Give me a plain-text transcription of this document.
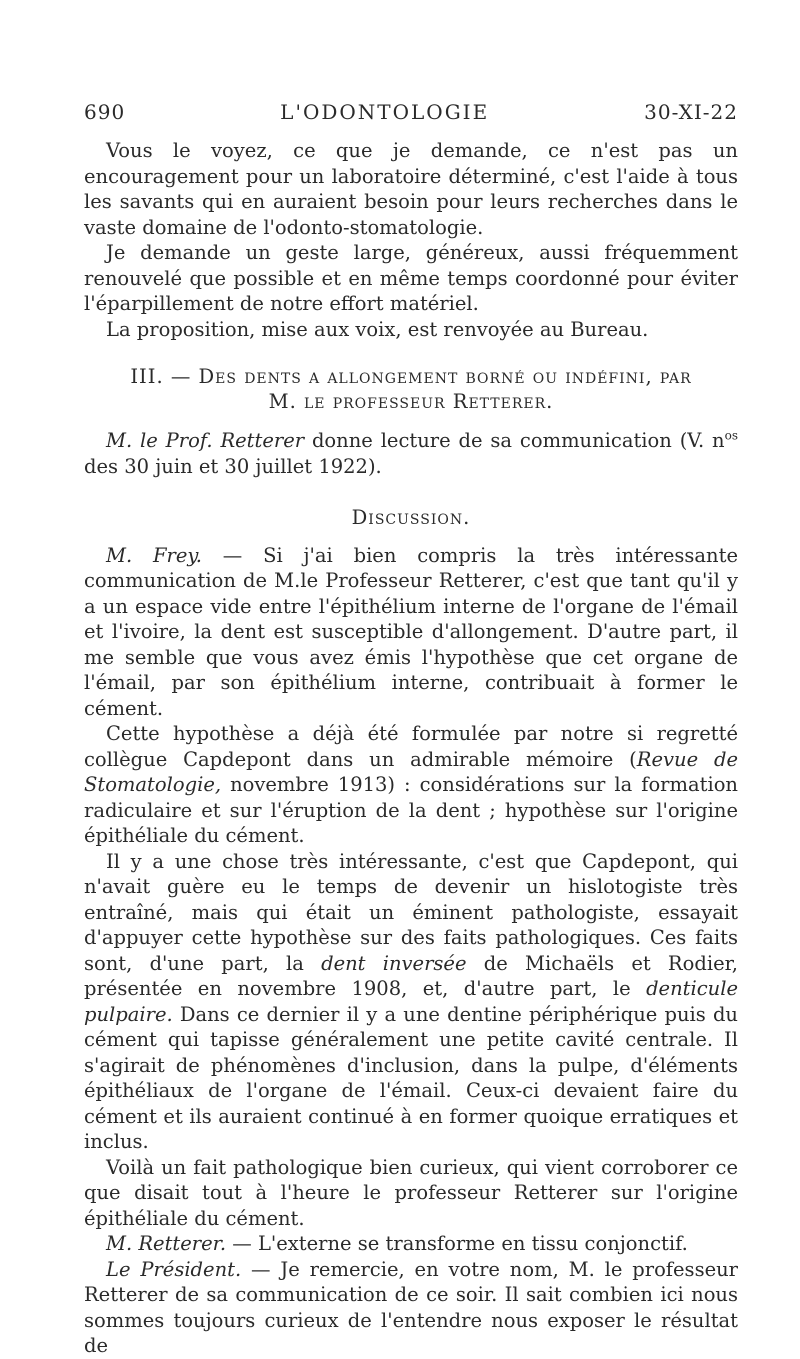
690	L'ODONTOLOGIE	30-XI-22

Vous le voyez, ce que je demande, ce n'est pas un encouragement pour un laboratoire déterminé, c'est l'aide à tous les savants qui en auraient besoin pour leurs recherches dans le vaste domaine de l'odonto-stomatologie.

Je demande un geste large, généreux, aussi fréquemment renouvelé que possible et en même temps coordonné pour éviter l'éparpillement de notre effort matériel.

La proposition, mise aux voix, est renvoyée au Bureau.

III. — Des dents a allongement borné ou indéfini, par
M. le professeur Retterer.

M. le Prof. Retterer donne lecture de sa communication (V. $n^{os}$ des 30 juin et 30 juillet 1922).

Discussion.

M. Frey. — Si j'ai bien compris la très intéressante communication de M.le Professeur Retterer, c'est que tant qu'il y a un espace vide entre l'épithélium interne de l'organe de l'émail et l'ivoire, la dent est susceptible d'allongement. D'autre part, il me semble que vous avez émis l'hypothèse que cet organe de l'émail, par son épithélium interne, contribuait à former le cément.

Cette hypothèse a déjà été formulée par notre si regretté collègue Capdepont dans un admirable mémoire (Revue de Stomatologie, novembre 1913) : considérations sur la formation radiculaire et sur l'éruption de la dent ; hypothèse sur l'origine épithéliale du cément.

Il y a une chose très intéressante, c'est que Capdepont, qui n'avait guère eu le temps de devenir un hislotogiste très entraîné, mais qui était un éminent pathologiste, essayait d'appuyer cette hypothèse sur des faits pathologiques. Ces faits sont, d'une part, la dent inversée de Michaëls et Rodier, présentée en novembre 1908, et, d'autre part, le denticule pulpaire. Dans ce dernier il y a une dentine périphérique puis du cément qui tapisse généralement une petite cavité centrale. Il s'agirait de phénomènes d'inclusion, dans la pulpe, d'éléments épithéliaux de l'organe de l'émail. Ceux-ci devaient faire du cément et ils auraient continué à en former quoique erratiques et inclus.

Voilà un fait pathologique bien curieux, qui vient corroborer ce que disait tout à l'heure le professeur Retterer sur l'origine épithéliale du cément.

M. Retterer. — L'externe se transforme en tissu conjonctif.

Le Président. — Je remercie, en votre nom, M. le professeur Retterer de sa communication de ce soir. Il sait combien ici nous sommes toujours curieux de l'entendre nous exposer le résultat de
